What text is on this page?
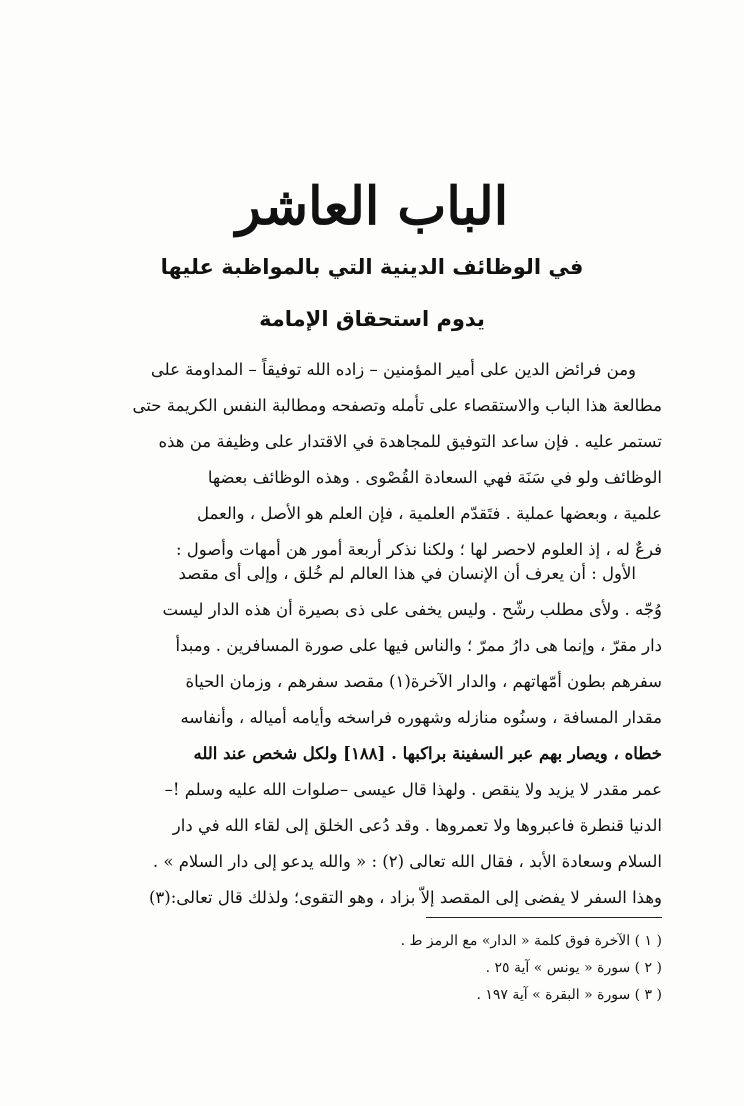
الباب العاشر
في الوظائف الدينية التي بالمواظبة عليها
يدوم استحقاق الإمامة
ومن فرائض الدين على أمير المؤمنين – زاده الله توفيقاً – المداومة على
مطالعة هذا الباب والاستقصاء على تأمله وتصفحه ومطالبة النفس الكريمة حتى
تستمر عليه . فإن ساعد التوفيق للمجاهدة في الاقتدار على وظيفة من هذه
الوظائف ولو في سَنَة فهي السعادة القُصْوى . وهذه الوظائف بعضها
علمية ، وبعضها عملية . فتَقدّم العلمية ، فإن العلم هو الأصل ، والعمل
فرعٌ له ، إذ العلوم لاحصر لها ؛ ولكنا نذكر أربعة أمور هن أمهات وأصول :
الأول : أن يعرف أن الإنسان في هذا العالم لم خُلق ، وإلى أى مقصد
وُجّه . ولأى مطلب رشّح . وليس يخفى على ذى بصيرة أن هذه الدار ليست
دار مقرّ ، وإنما هى دارُ ممرّ ؛ والناس فيها على صورة المسافرين . ومبدأ
سفرهم بطون أمّهاتهم ، والدار الآخرة(١) مقصد سفرهم ، وزمان الحياة
مقدار المسافة ، وسنُوه منازله وشهوره فراسخه وأيامه أمياله ، وأنفاسه
خطاه ، ويصار بهم عبر السفينة براكبها . [١٨٨] ولكل شخص عند الله
عمر مقدر لا يزيد ولا ينقص . ولهذا قال عيسى –صلوات الله عليه وسلم !–
الدنيا قنطرة فاعبروها ولا تعمروها . وقد دُعى الخلق إلى لقاء الله في دار
السلام وسعادة الأبد ، فقال الله تعالى (٢) : « والله يدعو إلى دار السلام » .
وهذا السفر لا يفضى إلى المقصد إلاّ بزاد ، وهو التقوى؛ ولذلك قال تعالى:(٣)
( ١ ) الآخرة فوق كلمة « الدار» مع الرمز ط .
( ٢ ) سورة « يونس » آية ٢٥ .
( ٣ ) سورة « البقرة » آية ١٩٧ .
